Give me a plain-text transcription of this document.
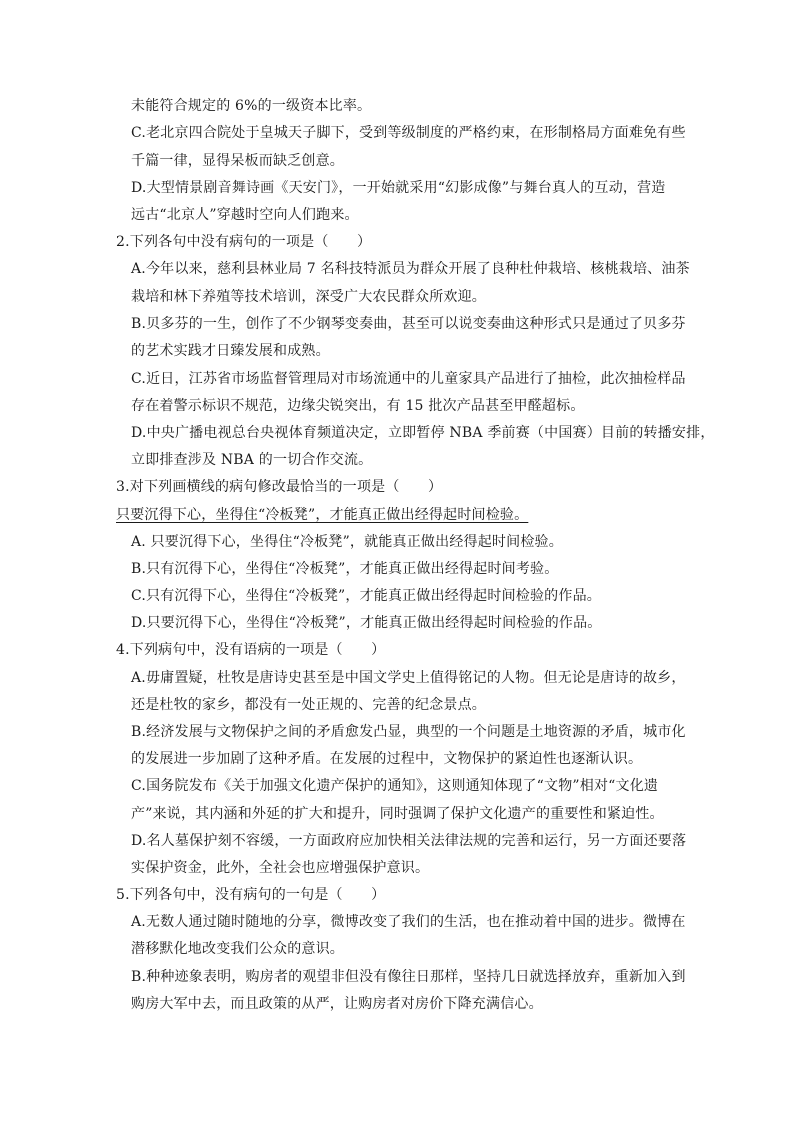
未能符合规定的 6%的一级资本比率。
C.老北京四合院处于皇城天子脚下，受到等级制度的严格约束，在形制格局方面难免有些
千篇一律，显得呆板而缺乏创意。
D.大型情景剧音舞诗画《天安门》，一开始就采用“幻影成像”与舞台真人的互动，营造
远古“北京人”穿越时空向人们跑来。
2.下列各句中没有病句的一项是（　　）
A.今年以来，慈利县林业局 7 名科技特派员为群众开展了良种杜仲栽培、核桃栽培、油茶
栽培和林下养殖等技术培训，深受广大农民群众所欢迎。
B.贝多芬的一生，创作了不少钢琴变奏曲，甚至可以说变奏曲这种形式只是通过了贝多芬
的艺术实践才日臻发展和成熟。
C.近日，江苏省市场监督管理局对市场流通中的儿童家具产品进行了抽检，此次抽检样品
存在着警示标识不规范，边缘尖锐突出，有 15 批次产品甚至甲醛超标。
D.中央广播电视总台央视体育频道决定，立即暂停 NBA 季前赛（中国赛）目前的转播安排，
立即排查涉及 NBA 的一切合作交流。
3.对下列画横线的病句修改最恰当的一项是（　　）
只要沉得下心，坐得住“冷板凳”，才能真正做出经得起时间检验。
A. 只要沉得下心，坐得住“冷板凳”，就能真正做出经得起时间检验。
B.只有沉得下心，坐得住“冷板凳”，才能真正做出经得起时间考验。
C.只有沉得下心，坐得住“冷板凳”，才能真正做出经得起时间检验的作品。
D.只要沉得下心，坐得住“冷板凳”，才能真正做出经得起时间检验的作品。
4.下列病句中，没有语病的一项是（　　）
A.毋庸置疑，杜牧是唐诗史甚至是中国文学史上值得铭记的人物。但无论是唐诗的故乡，
还是杜牧的家乡，都没有一处正规的、完善的纪念景点。
B.经济发展与文物保护之间的矛盾愈发凸显，典型的一个问题是土地资源的矛盾，城市化
的发展进一步加剧了这种矛盾。在发展的过程中，文物保护的紧迫性也逐渐认识。
C.国务院发布《关于加强文化遗产保护的通知》，这则通知体现了“文物”相对“文化遗
产”来说，其内涵和外延的扩大和提升，同时强调了保护文化遗产的重要性和紧迫性。
D.名人墓保护刻不容缓，一方面政府应加快相关法律法规的完善和运行，另一方面还要落
实保护资金，此外，全社会也应增强保护意识。
5.下列各句中，没有病句的一句是（　　）
A.无数人通过随时随地的分享，微博改变了我们的生活，也在推动着中国的进步。微博在
潜移默化地改变我们公众的意识。
B.种种迹象表明，购房者的观望非但没有像往日那样，坚持几日就选择放弃，重新加入到
购房大军中去，而且政策的从严，让购房者对房价下降充满信心。
